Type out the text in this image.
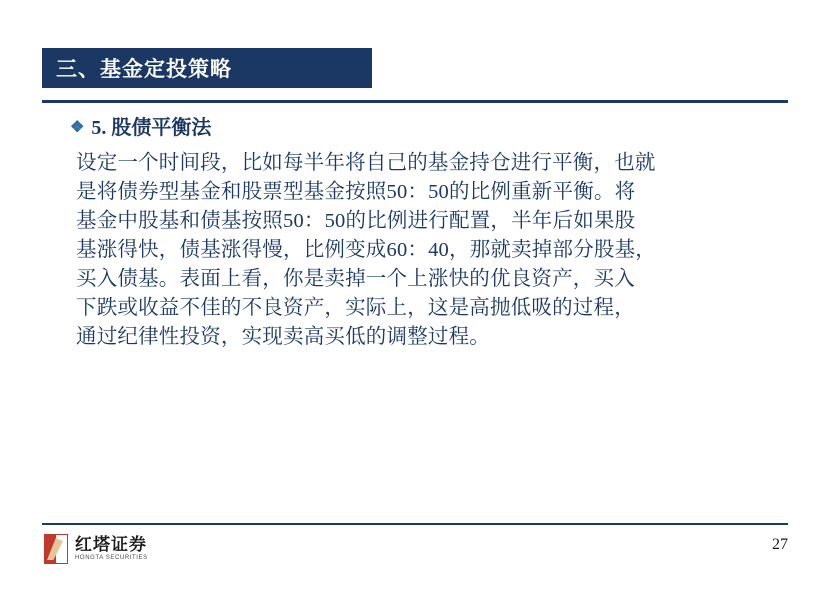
三、基金定投策略
❖ 5. 股债平衡法
设定一个时间段，比如每半年将自己的基金持仓进行平衡，也就
是将债券型基金和股票型基金按照50：50的比例重新平衡。将
基金中股基和债基按照50：50的比例进行配置，半年后如果股
基涨得快，债基涨得慢，比例变成60：40，那就卖掉部分股基，
买入债基。表面上看，你是卖掉一个上涨快的优良资产，买入
下跌或收益不佳的不良资产，实际上，这是高抛低吸的过程，
通过纪律性投资，实现卖高买低的调整过程。
红塔证券
HONGTA SECURITIES
27
